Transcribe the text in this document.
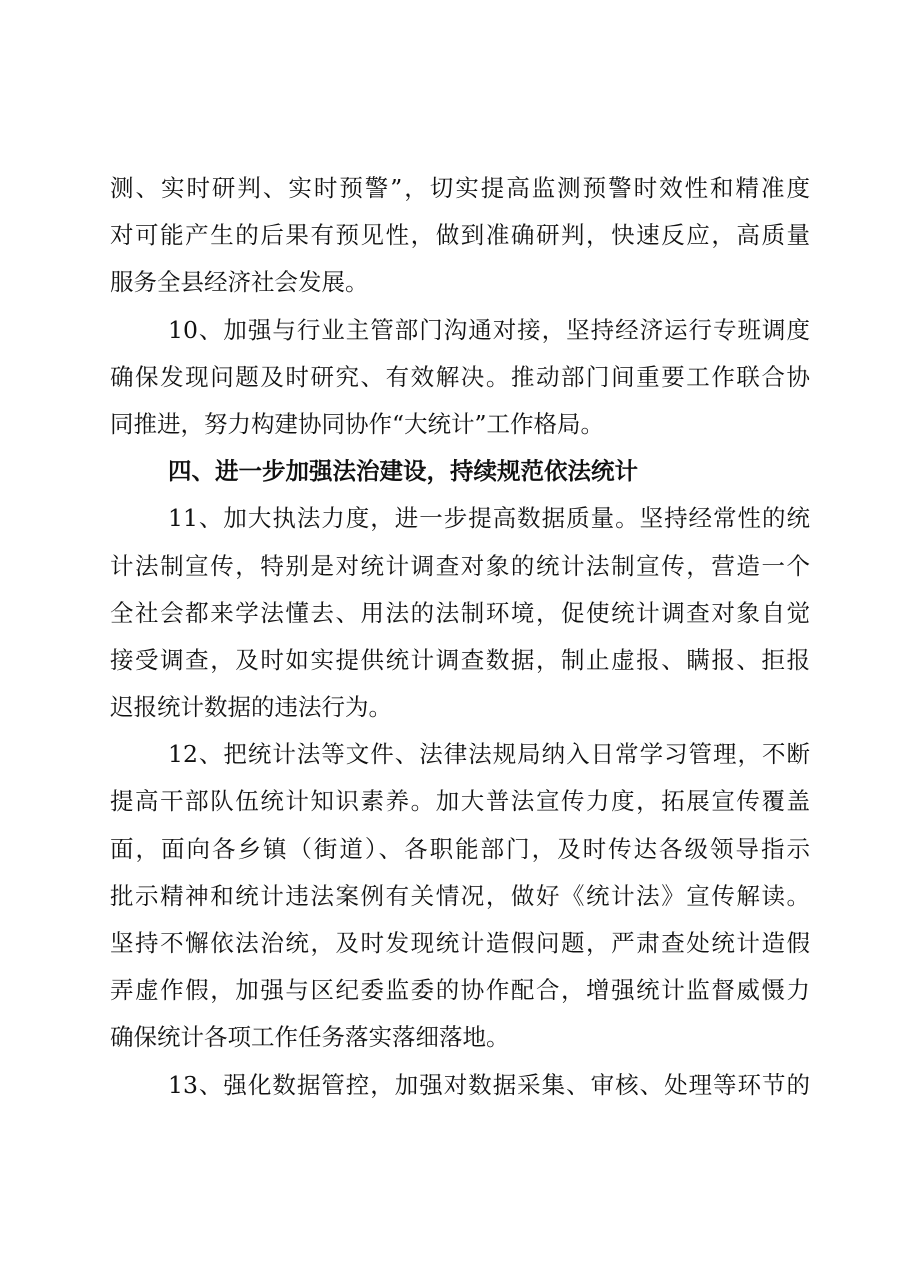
测、实时研判、实时预警”，切实提高监测预警时效性和精准度
对可能产生的后果有预见性，做到准确研判，快速反应，高质量
服务全县经济社会发展。
10、加强与行业主管部门沟通对接，坚持经济运行专班调度
确保发现问题及时研究、有效解决。推动部门间重要工作联合协
同推进，努力构建协同协作“大统计”工作格局。
四、进一步加强法治建设，持续规范依法统计
11、加大执法力度，进一步提高数据质量。坚持经常性的统
计法制宣传，特别是对统计调查对象的统计法制宣传，营造一个
全社会都来学法懂去、用法的法制环境，促使统计调查对象自觉
接受调查，及时如实提供统计调查数据，制止虚报、瞒报、拒报
迟报统计数据的违法行为。
12、把统计法等文件、法律法规局纳入日常学习管理，不断
提高干部队伍统计知识素养。加大普法宣传力度，拓展宣传覆盖
面，面向各乡镇（街道）、各职能部门，及时传达各级领导指示
批示精神和统计违法案例有关情况，做好《统计法》宣传解读。
坚持不懈依法治统，及时发现统计造假问题，严肃查处统计造假
弄虚作假，加强与区纪委监委的协作配合，增强统计监督威慑力
确保统计各项工作任务落实落细落地。
13、强化数据管控，加强对数据采集、审核、处理等环节的
